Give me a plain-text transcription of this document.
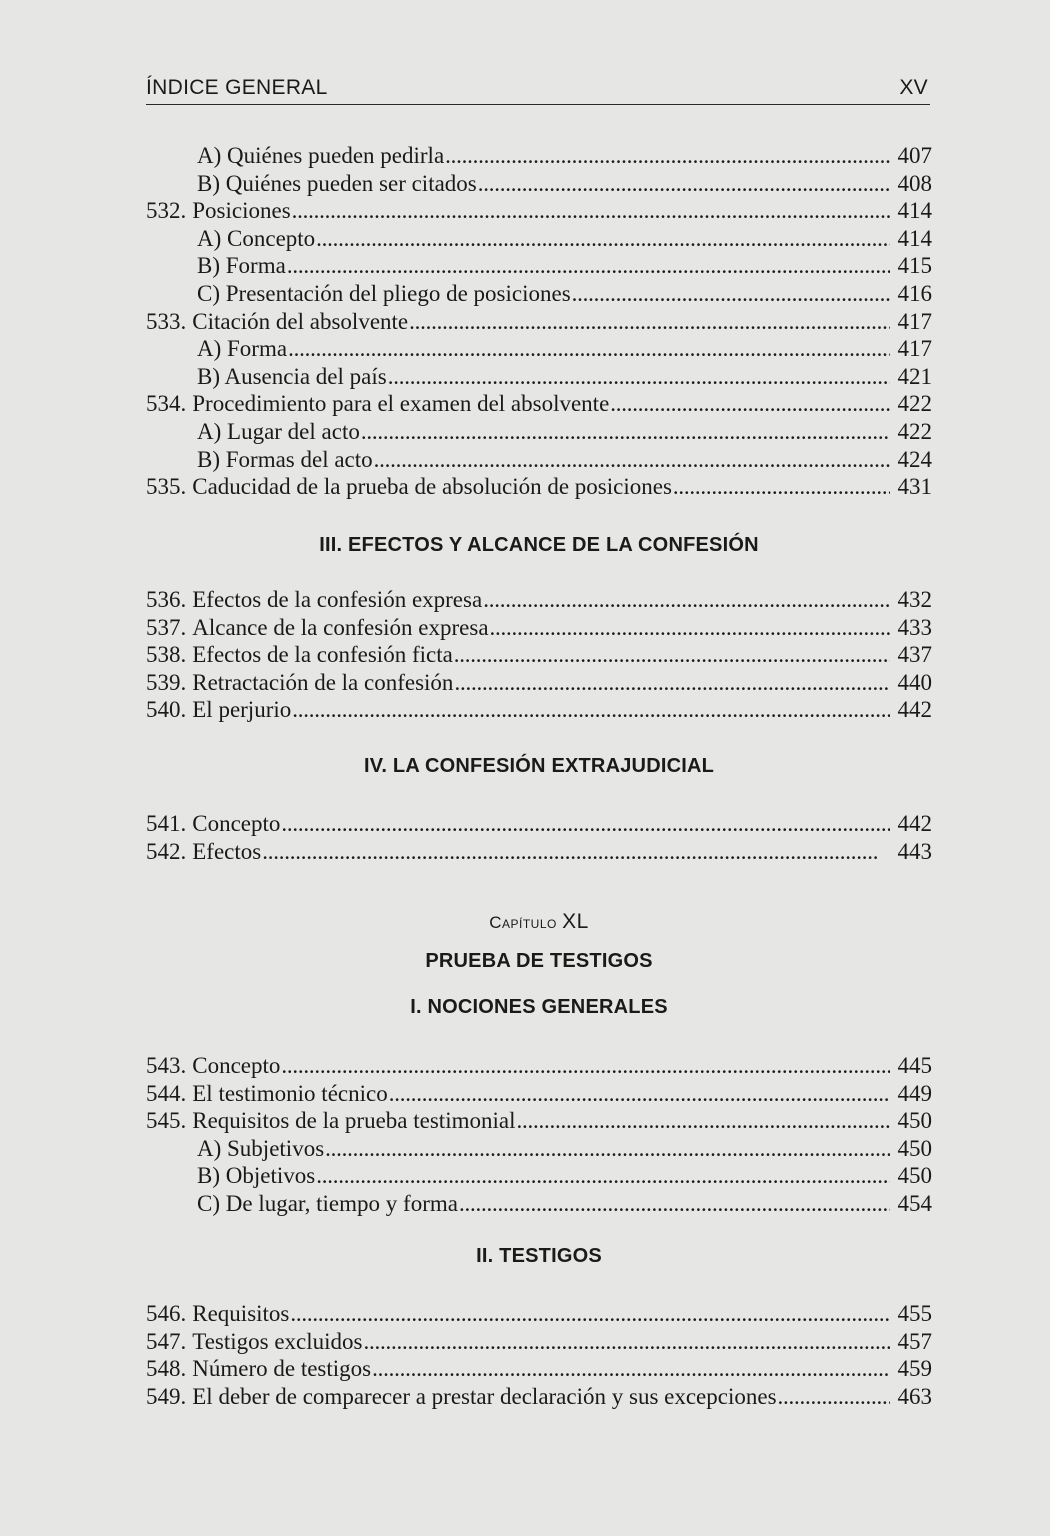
ÍNDICE GENERAL	XV
A) Quiénes pueden pedirla . . .	407
B) Quiénes pueden ser citados . . .	408
532. Posiciones . . .	414
A) Concepto . . .	414
B) Forma . . .	415
C) Presentación del pliego de posiciones . . .	416
533. Citación del absolvente . . .	417
A) Forma . . .	417
B) Ausencia del país . . .	421
534. Procedimiento para el examen del absolvente . . .	422
A) Lugar del acto . . .	422
B) Formas del acto . . .	424
535. Caducidad de la prueba de absolución de posiciones . . .	431
III. EFECTOS Y ALCANCE DE LA CONFESIÓN
536. Efectos de la confesión expresa . . .	432
537. Alcance de la confesión expresa . . .	433
538. Efectos de la confesión ficta . . .	437
539. Retractación de la confesión . . .	440
540. El perjurio . . .	442
IV. LA CONFESIÓN EXTRAJUDICIAL
541. Concepto . . .	442
542. Efectos . . .	443
Capítulo XL
PRUEBA DE TESTIGOS
I. NOCIONES GENERALES
543. Concepto . . .	445
544. El testimonio técnico . . .	449
545. Requisitos de la prueba testimonial . . .	450
A) Subjetivos . . .	450
B) Objetivos . . .	450
C) De lugar, tiempo y forma . . .	454
II. TESTIGOS
546. Requisitos . . .	455
547. Testigos excluidos . . .	457
548. Número de testigos . . .	459
549. El deber de comparecer a prestar declaración y sus excepciones . . .	463
